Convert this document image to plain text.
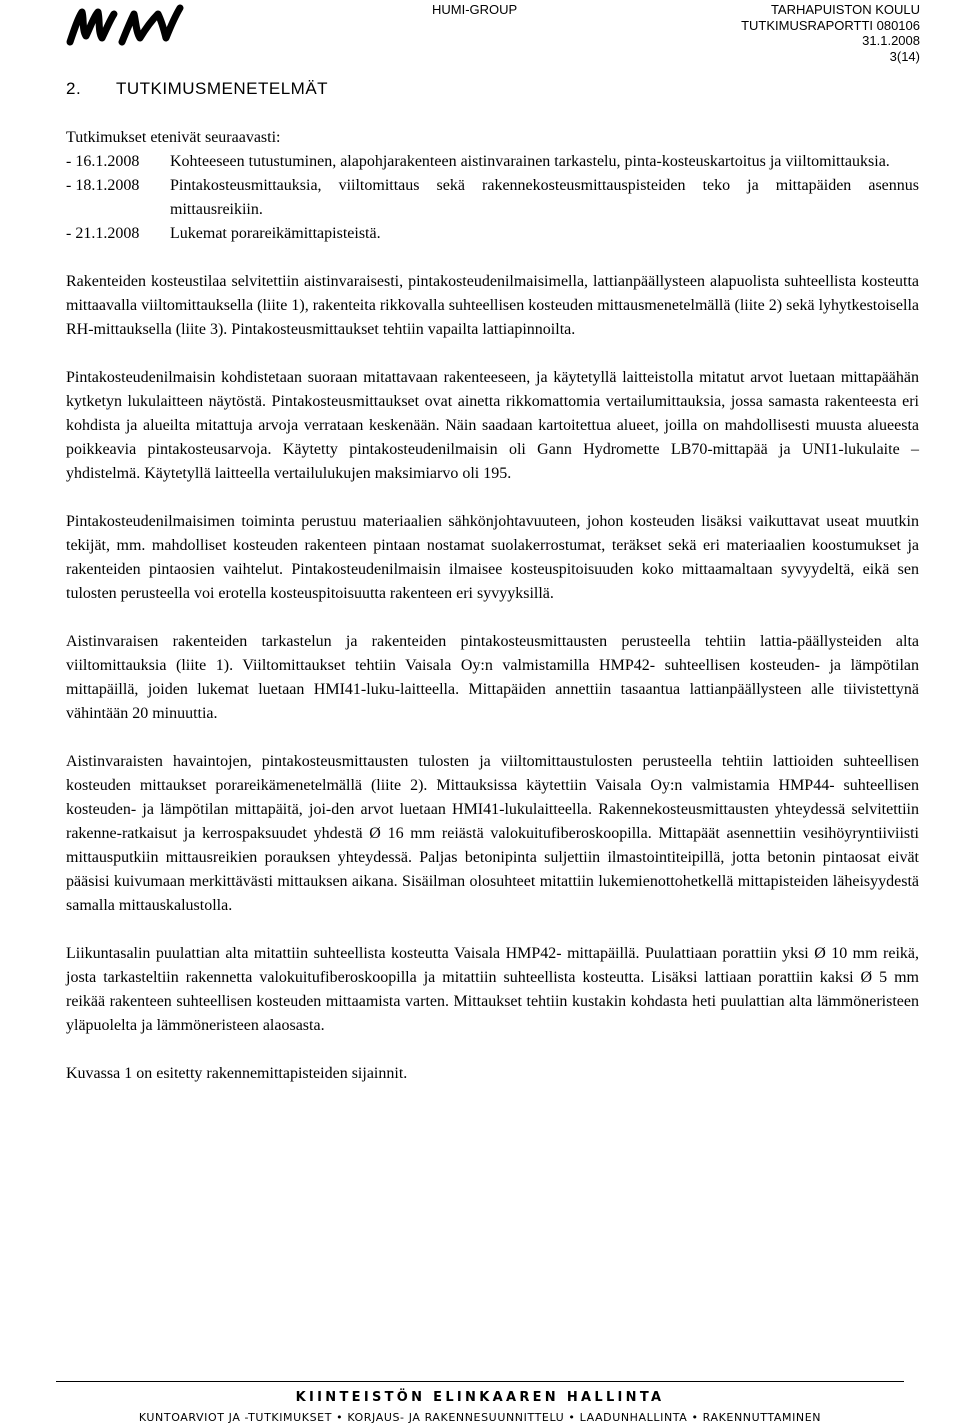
HUMI-GROUP	TARHAPUISTON KOULU
TUTKIMUSRAPORTTI 080106
31.1.2008
3(14)
2. TUTKIMUSMENETELMÄT

Tutkimukset etenivät seuraavasti:

- 16.1.2008	Kohteeseen tutustuminen, alapohjarakenteen aistinvarainen tarkastelu, pinta-kosteuskartoitus ja viiltomittauksia.
- 18.1.2008	Pintakosteusmittauksia, viiltomittaus sekä rakennekosteusmittauspisteiden teko ja mittapäiden asennus mittausreikiin.
- 21.1.2008	Lukemat porareikämittapisteistä.

Rakenteiden kosteustilaa selvitettiin aistinvaraisesti, pintakosteudenilmaisimella, lattianpäällysteen alapuolista suhteellista kosteutta mittaavalla viiltomittauksella (liite 1), rakenteita rikkovalla suhteellisen kosteuden mittausmenetelmällä (liite 2) sekä lyhytkestoisella RH-mittauksella (liite 3). Pintakosteusmittaukset tehtiin vapailta lattiapinnoilta.

Pintakosteudenilmaisin kohdistetaan suoraan mitattavaan rakenteeseen, ja käytetyllä laitteistolla mitatut arvot luetaan mittapäähän kytketyn lukulaitteen näytöstä. Pintakosteusmittaukset ovat ainetta rikkomattomia vertailumittauksia, jossa samasta rakenteesta eri kohdista ja alueilta mitattuja arvoja verrataan keskenään. Näin saadaan kartoitettua alueet, joilla on mahdollisesti muusta alueesta poikkeavia pintakosteusarvoja. Käytetty pintakosteudenilmaisin oli Gann Hydromette LB70-mittapää ja UNI1-lukulaite –yhdistelmä. Käytetyllä laitteella vertailulukujen maksimiarvo oli 195.

Pintakosteudenilmaisimen toiminta perustuu materiaalien sähkönjohtavuuteen, johon kosteuden lisäksi vaikuttavat useat muutkin tekijät, mm. mahdolliset kosteuden rakenteen pintaan nostamat suolakerrostumat, teräkset sekä eri materiaalien koostumukset ja rakenteiden pintaosien vaihtelut. Pintakosteudenilmaisin ilmaisee kosteuspitoisuuden koko mittaamaltaan syvyydeltä, eikä sen tulosten perusteella voi erotella kosteuspitoisuutta rakenteen eri syvyyksillä.

Aistinvaraisen rakenteiden tarkastelun ja rakenteiden pintakosteusmittausten perusteella tehtiin lattia-päällysteiden alta viiltomittauksia (liite 1). Viiltomittaukset tehtiin Vaisala Oy:n valmistamilla HMP42- suhteellisen kosteuden- ja lämpötilan mittapäillä, joiden lukemat luetaan HMI41-luku-laitteella. Mittapäiden annettiin tasaantua lattianpäällysteen alle tiivistettynä vähintään 20 minuuttia.

Aistinvaraisten havaintojen, pintakosteusmittausten tulosten ja viiltomittaustulosten perusteella tehtiin lattioiden suhteellisen kosteuden mittaukset porareikämenetelmällä (liite 2). Mittauksissa käytettiin Vaisala Oy:n valmistamia HMP44- suhteellisen kosteuden- ja lämpötilan mittapäitä, joi-den arvot luetaan HMI41-lukulaitteella. Rakennekosteusmittausten yhteydessä selvitettiin rakenne-ratkaisut ja kerrospaksuudet yhdestä Ø 16 mm reiästä valokuitufiberoskoopilla. Mittapäät asennettiin vesihöyryntiiviisti mittausputkiin mittausreikien porauksen yhteydessä. Paljas betonipinta suljettiin ilmastointiteipillä, jotta betonin pintaosat eivät pääsisi kuivumaan merkittävästi mittauksen aikana. Sisäilman olosuhteet mitattiin lukemienottohetkellä mittapisteiden läheisyydestä samalla mittauskalustolla.

Liikuntasalin puulattian alta mitattiin suhteellista kosteutta Vaisala HMP42- mittapäillä. Puulattiaan porattiin yksi Ø 10 mm reikä, josta tarkasteltiin rakennetta valokuitufiberoskoopilla ja mitattiin suhteellista kosteutta. Lisäksi lattiaan porattiin kaksi Ø 5 mm reikää rakenteen suhteellisen kosteuden mittaamista varten. Mittaukset tehtiin kustakin kohdasta heti puulattian alta lämmöneristeen yläpuolelta ja lämmöneristeen alaosasta.

Kuvassa 1 on esitetty rakennemittapisteiden sijainnit.

KIINTEISTÖN ELINKAAREN HALLINTA
KUNTOARVIOT JA -TUTKIMUKSET • KORJAUS- JA RAKENNESUUNNITTELU • LAADUNHALLINTA • RAKENNUTTAMINEN
